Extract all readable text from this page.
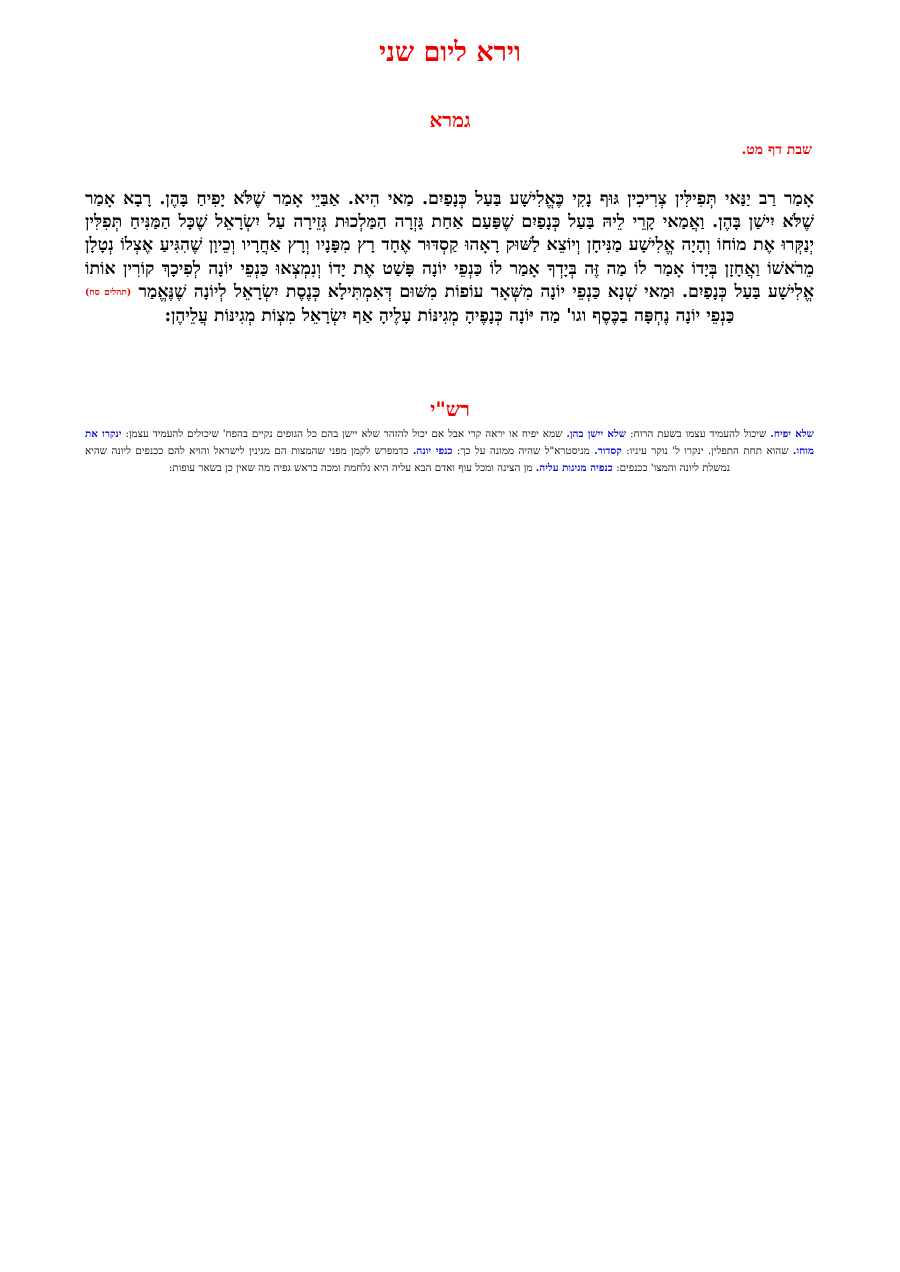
וירא ליום שני
גמרא
שבת דף מט.

אָמַר רַב יַנַּאי תְּפִילִּין צְרִיכִין גּוּף נָקִי כֶּאֱלִישָׁע בַּעַל כְּנָפַיִם. מַאי הִיא. אַבַּיֵי אָמַר שֶׁלֹּא יָפִיחַ בָּהֶן. רָבָא אָמַר שֶׁלֹּא יִישַׁן בָּהֶן. וַאֲמַאי קָרֵי לֵיהּ בַּעַל כְּנָפַיִם שֶׁפַּעַם אַחַת גָּזְרָה הַמַּלְכוּת גְּזֵירָה עַל יִשְׂרָאֵל שֶׁכָּל הַמַּנִּיחַ תְּפִלִּין יְנַקְּרוּ אֶת מוֹחוֹ וְהָיָה אֱלִישָׁע מַנִּיחָן וְיוֹצֵא לַשּׁוּק רָאָהוּ קַסְדּוּר אֶחָד רָץ מִפָּנָיו וְרָץ אַחֲרָיו וְכֵיוָן שֶׁהִגִּיעַ אֶצְלוֹ נְטָלָן מֵרֹאשׁוֹ וַאֲחָזָן בְּיָדוֹ אָמַר לוֹ מַה זֶּה בְּיָדְךָ אָמַר לוֹ כַּנְפֵי יוֹנָה פָּשַׁט אֶת יָדוֹ וְנִמְצְאוּ כַּנְפֵי יוֹנָה לְפִיכָךְ קוֹרִין אוֹתוֹ אֱלִישָׁע בַּעַל כְּנָפַיִם. וּמַאי שְׁנָא כַּנְפֵי יוֹנָה מִשְּׁאָר עוֹפוֹת מִשּׁוּם דְּאִמְתִּילָא כְּנֶסֶת יִשְׂרָאֵל לְיוֹנָה שֶׁנֶּאֱמַר (תהלים סח) כַּנְפֵי יוֹנָה נֶחְפָּה בַכֶּסֶף וגו' מַה יּוֹנָה כְּנָפֶיהָ מְגִינּוֹת עָלֶיהָ אַף יִשְׂרָאֵל מִצְוֹת מְגִינּוֹת עֲלֵיהֶן:

רש"י

שלא יפיח. שיכול להעמיד עצמו בשעת הרוח: שלא יישן בהן. שמא יפיח או יראה קרי אבל אם יכול להזהר שלא יישן בהם כל הגופים נקיים בהפח' שיכולים להעמיד עצמן: ינקרו את מוחו. שהוא תחת התפלין. ינקרו ל' נוקר עיניו: קסדור. מניסטרא"ל שהיה ממונה על כך: כנפי יונה. כדמפרש לקמן מפני שהמצות הם מגינין לישראל והויא להם ככנפים ליונה שהיא נמשלת ליונה והמצו' ככנפים: כנפיה מגינות עליה. מן הצינה ומכל עוף ואדם הבא עליה היא נלחמת ומכה בראש גפיה מה שאין כן בשאר עופות:
